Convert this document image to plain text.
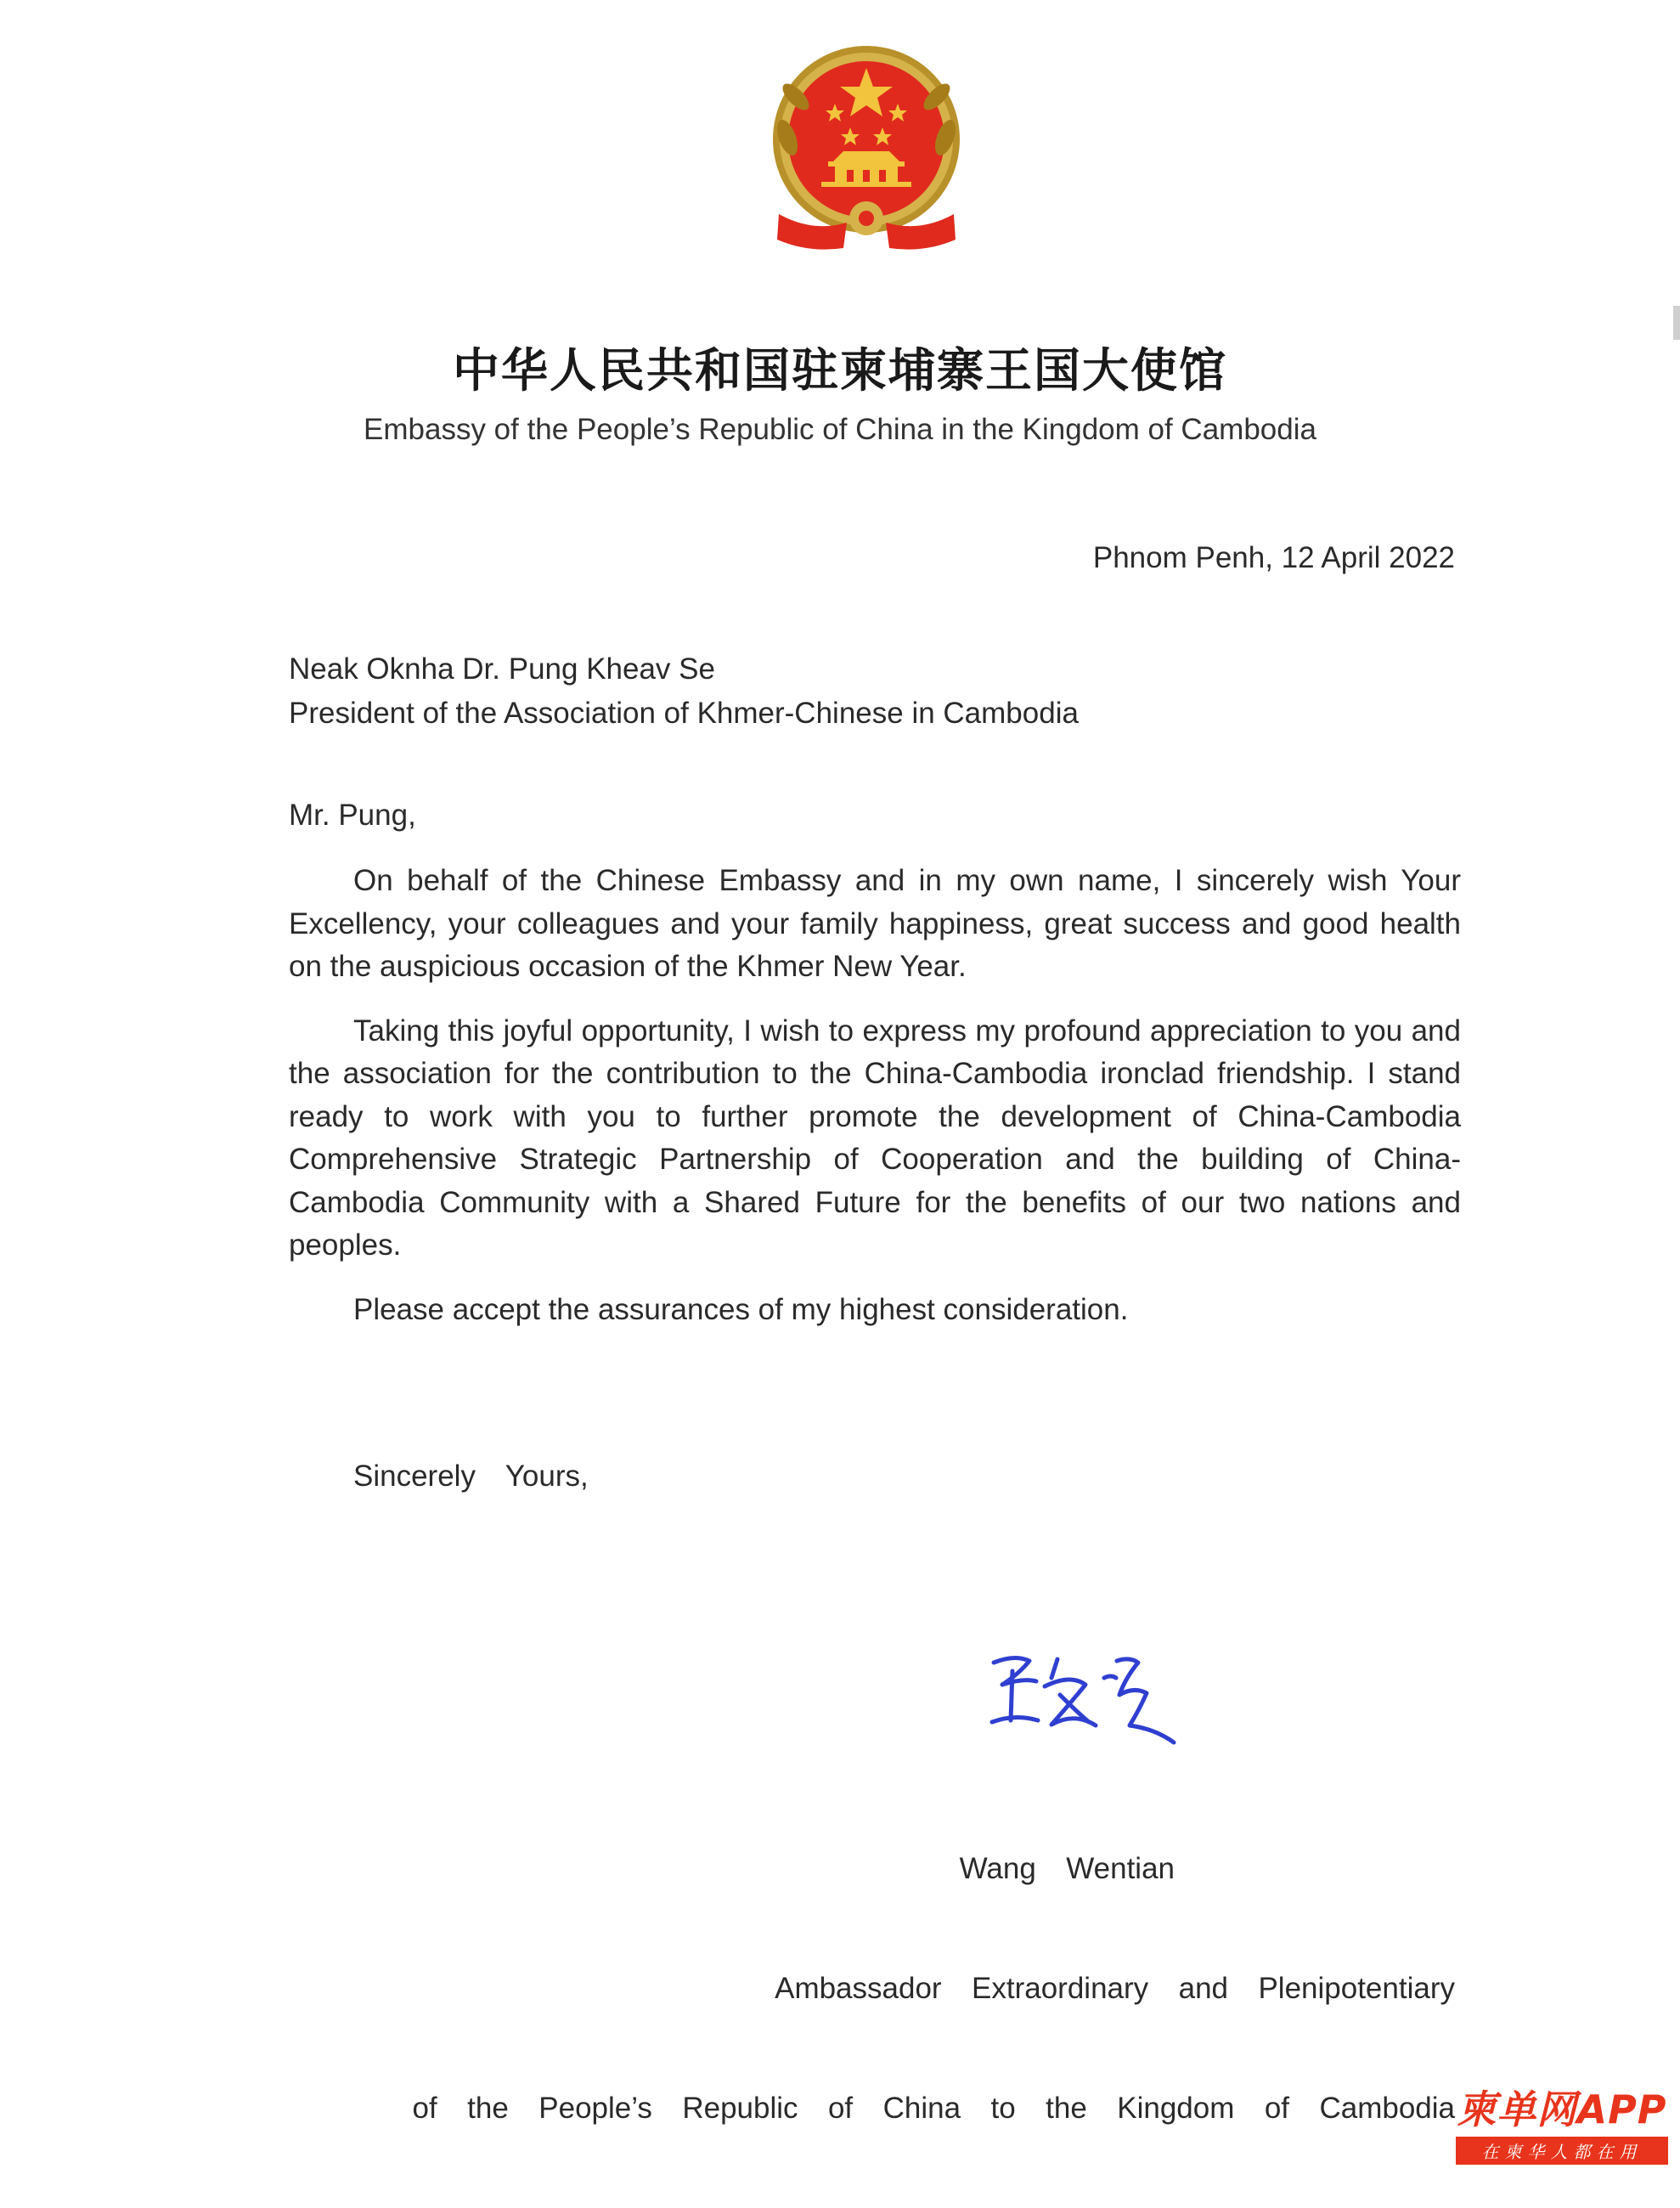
中华人民共和国驻柬埔寨王国大使馆
Embassy of the People’s Republic of China in the Kingdom of Cambodia
Phnom Penh, 12 April 2022
Neak Oknha Dr. Pung Kheav Se
President of the Association of Khmer-Chinese in Cambodia
Mr. Pung,

On behalf of the Chinese Embassy and in my own name, I sincerely wish Your Excellency, your colleagues and your family happiness, great success and good health on the auspicious occasion of the Khmer New Year.

Taking this joyful opportunity, I wish to express my profound appreciation to you and the association for the contribution to the China-Cambodia ironclad friendship. I stand ready to work with you to further promote the development of China-Cambodia Comprehensive Strategic Partnership of Cooperation and the building of China-Cambodia Community with a Shared Future for the benefits of our two nations and peoples.

Please accept the assurances of my highest consideration.

Sincerely  Yours,

Wang  Wentian

Ambassador  Extraordinary  and  Plenipotentiary

of  the  People’s  Republic  of  China  to  the  Kingdom  of  Cambodia

柬单网APP
在柬华人都在用
